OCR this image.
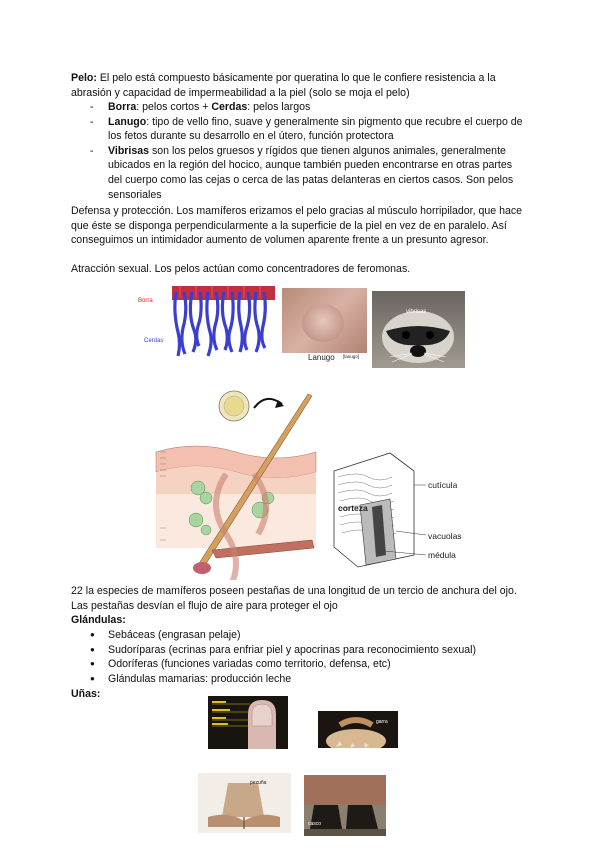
Pelo: El pelo está compuesto básicamente por queratina lo que le confiere resistencia a la abrasión y capacidad de impermeabilidad a la piel (solo se moja el pelo)
- Borra: pelos cortos + Cerdas: pelos largos
- Lanugo: tipo de vello fino, suave y generalmente sin pigmento que recubre el cuerpo de los fetos durante su desarrollo en el útero, función protectora
- Vibrisas son los pelos gruesos y rígidos que tienen algunos animales, generalmente ubicados en la región del hocico, aunque también pueden encontrarse en otras partes del cuerpo como las cejas o cerca de las patas delanteras en ciertos casos. Son pelos sensoriales
Defensa y protección. Los mamíferos erizamos el pelo gracias al músculo horripilador, que hace que éste se disponga perpendicularmente a la superficie de la piel en vez de en paralelo. Así conseguimos un intimidador aumento de volumen aparente frente a un presunto agresor.
Atracción sexual. Los pelos actúan como concentradores de feromonas.
Borra
Cerdas
Lanugo [lanugo]
vibrisas
cutícula
corteza
vacuolas
médula
22 la especies de mamíferos poseen pestañas de una longitud de un tercio de anchura del ojo. Las pestañas desvían el flujo de aire para proteger el ojo
Glándulas:
● Sebáceas (engrasan pelaje)
● Sudoríparas (ecrinas para enfriar piel y apocrinas para reconocimiento sexual)
● Odoríferas (funciones variadas como territorio, defensa, etc)
● Glándulas mamarias: producción leche
Uñas:
garra
pezuña
casco
